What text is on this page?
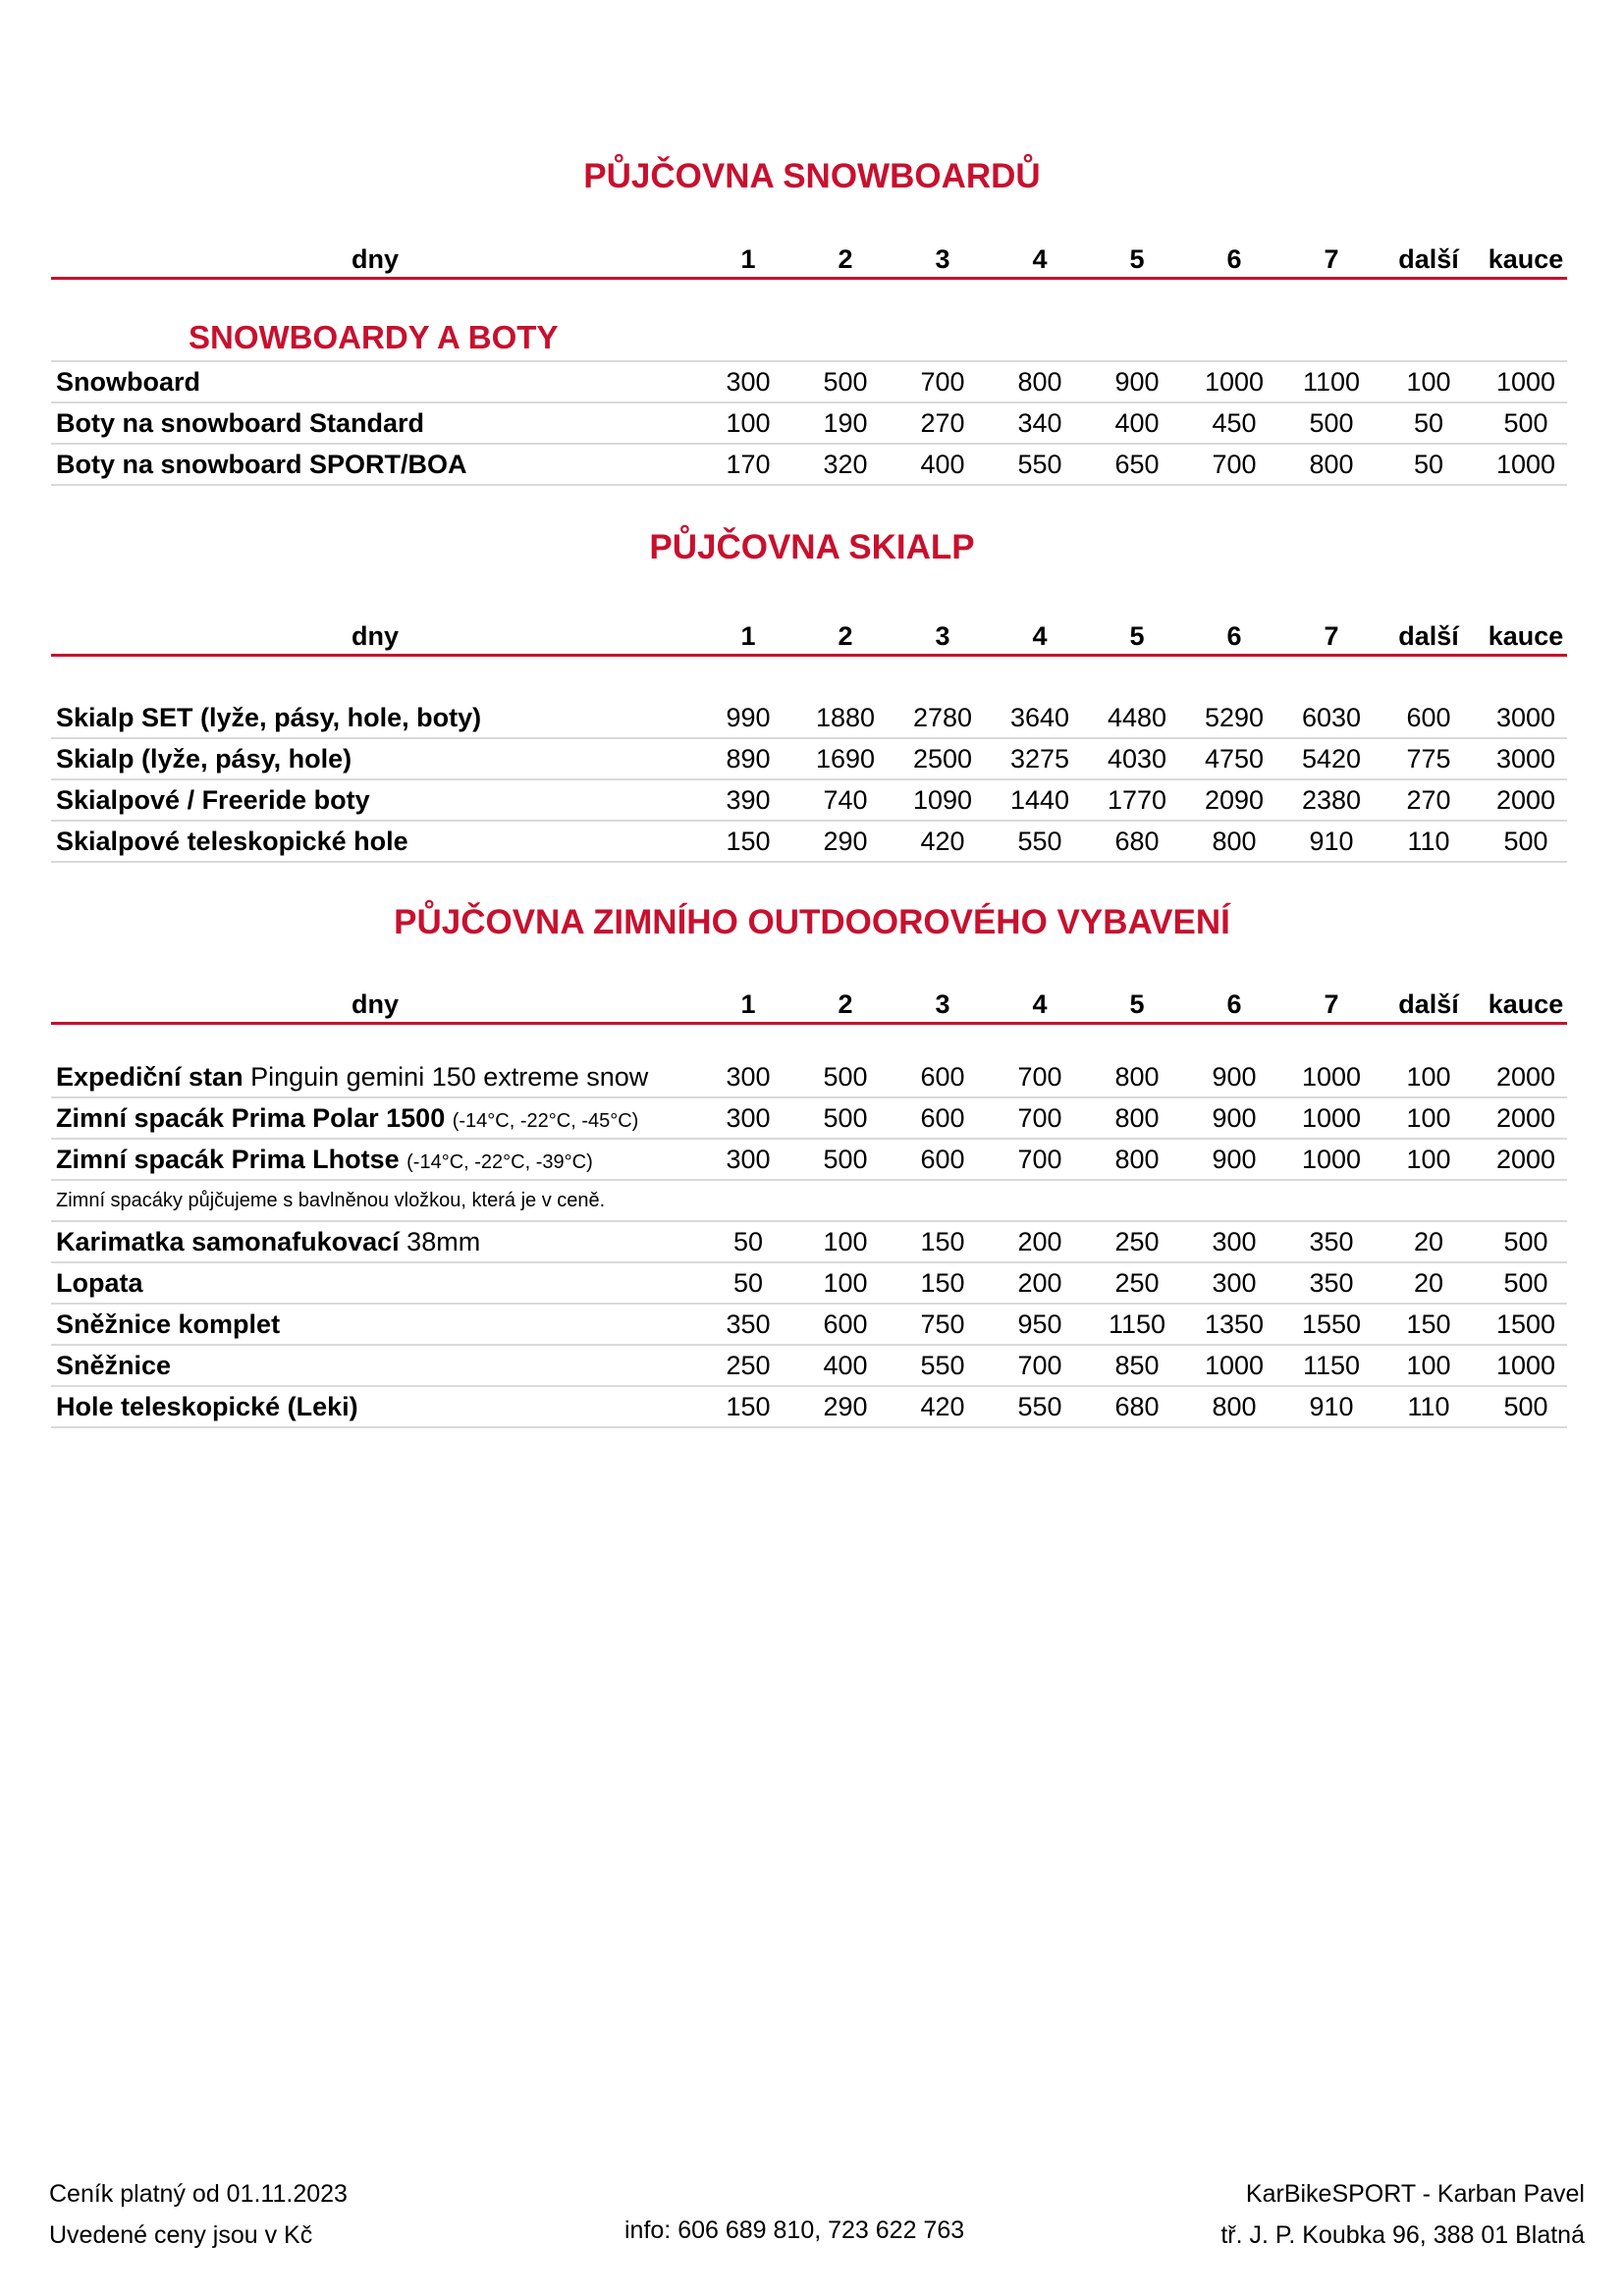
PŮJČOVNA SNOWBOARDŮ
dny	1	2	3	4	5	6	7	další	kauce
SNOWBOARDY A BOTY
Snowboard	300	500	700	800	900	1000	1100	100	1000
Boty na snowboard Standard	100	190	270	340	400	450	500	50	500
Boty na snowboard SPORT/BOA	170	320	400	550	650	700	800	50	1000
PŮJČOVNA SKIALP
dny	1	2	3	4	5	6	7	další	kauce
Skialp SET (lyže, pásy, hole, boty)	990	1880	2780	3640	4480	5290	6030	600	3000
Skialp (lyže, pásy, hole)	890	1690	2500	3275	4030	4750	5420	775	3000
Skialpové / Freeride boty	390	740	1090	1440	1770	2090	2380	270	2000
Skialpové teleskopické hole	150	290	420	550	680	800	910	110	500
PŮJČOVNA ZIMNÍHO OUTDOOROVÉHO VYBAVENÍ
dny	1	2	3	4	5	6	7	další	kauce
Expediční stan Pinguin gemini 150 extreme snow	300	500	600	700	800	900	1000	100	2000
Zimní spacák Prima Polar 1500 (-14°C, -22°C, -45°C)	300	500	600	700	800	900	1000	100	2000
Zimní spacák Prima Lhotse (-14°C, -22°C, -39°C)	300	500	600	700	800	900	1000	100	2000
Zimní spacáky půjčujeme s bavlněnou vložkou, která je v ceně.
Karimatka samonafukovací 38mm	50	100	150	200	250	300	350	20	500
Lopata	50	100	150	200	250	300	350	20	500
Sněžnice komplet	350	600	750	950	1150	1350	1550	150	1500
Sněžnice	250	400	550	700	850	1000	1150	100	1000
Hole teleskopické (Leki)	150	290	420	550	680	800	910	110	500
Ceník platný od 01.11.2023
Uvedené ceny jsou v Kč	info: 606 689 810, 723 622 763
KarBikeSPORT - Karban Pavel
tř. J. P. Koubka 96, 388 01 Blatná
